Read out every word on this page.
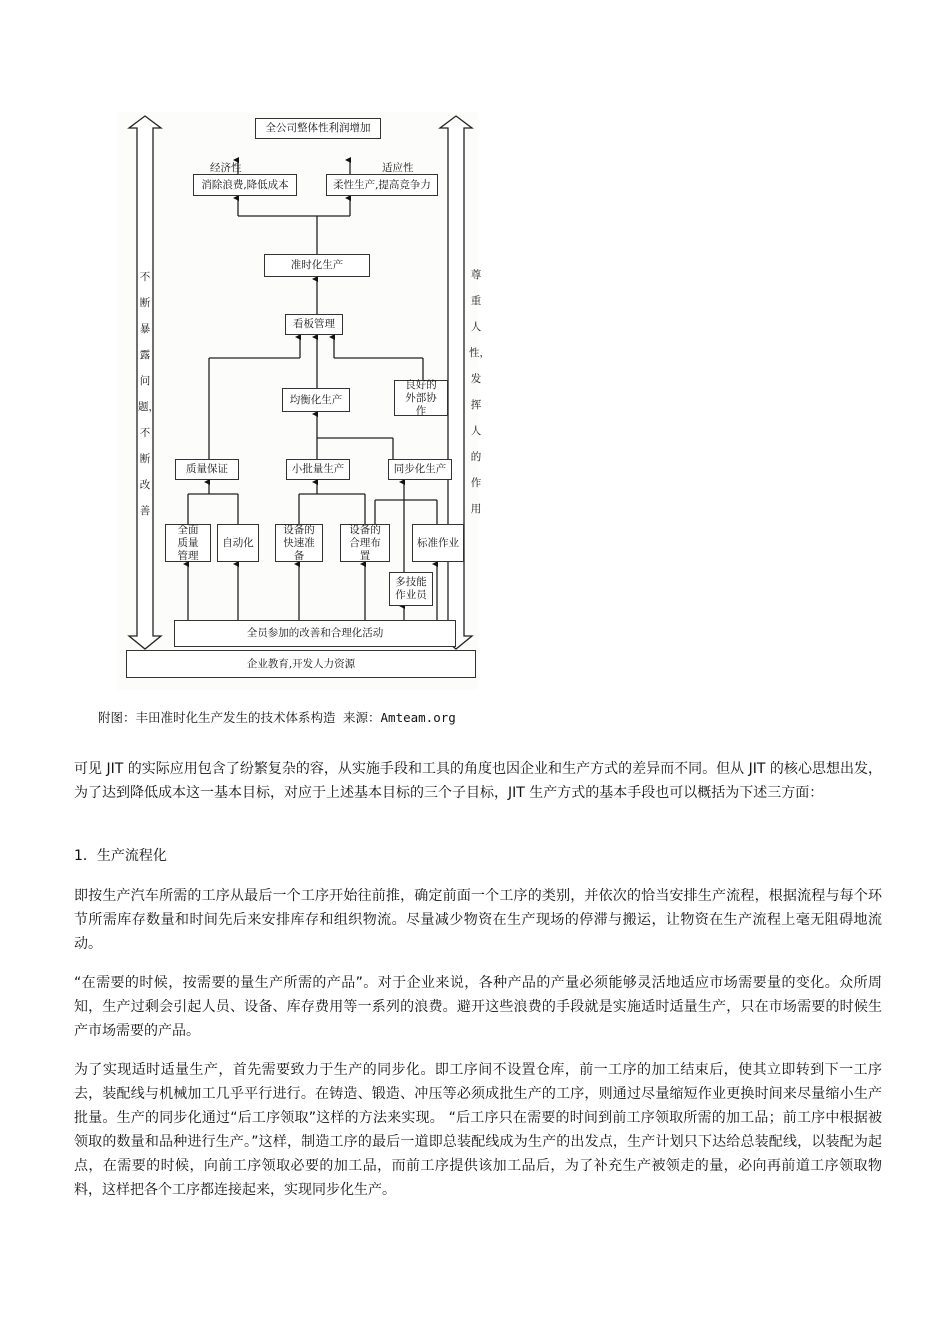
全公司整体性利润增加
经济性	适应性
消除浪费,降低成本	柔性生产,提高竞争力
准时化生产
看板管理
均衡化生产
良好的外部协作
质量保证	小批量生产	同步化生产
全面质量管理
自动化
设备的快速准备
设备的合理布置
标准作业
多技能作业员
全员参加的改善和合理化活动
企业教育,开发人力资源
不断暴露问题，不断改善
尊重人性，发挥人的作用
附图：丰田准时化生产发生的技术体系构造 来源：Amteam.org
可见 JIT 的实际应用包含了纷繁复杂的容，从实施手段和工具的角度也因企业和生产方式的差异而不同。但从 JIT 的核心思想出发，为了达到降低成本这一基本目标，对应于上述基本目标的三个子目标，JIT 生产方式的基本手段也可以概括为下述三方面：
1．生产流程化
即按生产汽车所需的工序从最后一个工序开始往前推，确定前面一个工序的类别，并依次的恰当安排生产流程，根据流程与每个环节所需库存数量和时间先后来安排库存和组织物流。尽量减少物资在生产现场的停滞与搬运，让物资在生产流程上毫无阻碍地流动。
“在需要的时候，按需要的量生产所需的产品”。对于企业来说，各种产品的产量必须能够灵活地适应市场需要量的变化。众所周知，生产过剩会引起人员、设备、库存费用等一系列的浪费。避开这些浪费的手段就是实施适时适量生产，只在市场需要的时候生产市场需要的产品。
为了实现适时适量生产，首先需要致力于生产的同步化。即工序间不设置仓库，前一工序的加工结束后，使其立即转到下一工序去，装配线与机械加工几乎平行进行。在铸造、锻造、冲压等必须成批生产的工序，则通过尽量缩短作业更换时间来尽量缩小生产批量。生产的同步化通过“后工序领取”这样的方法来实现。 “后工序只在需要的时间到前工序领取所需的加工品；前工序中根据被领取的数量和品种进行生产。”这样，制造工序的最后一道即总装配线成为生产的出发点，生产计划只下达给总装配线，以装配为起点，在需要的时候，向前工序领取必要的加工品，而前工序提供该加工品后，为了补充生产被领走的量，必向再前道工序领取物料，这样把各个工序都连接起来，实现同步化生产。
